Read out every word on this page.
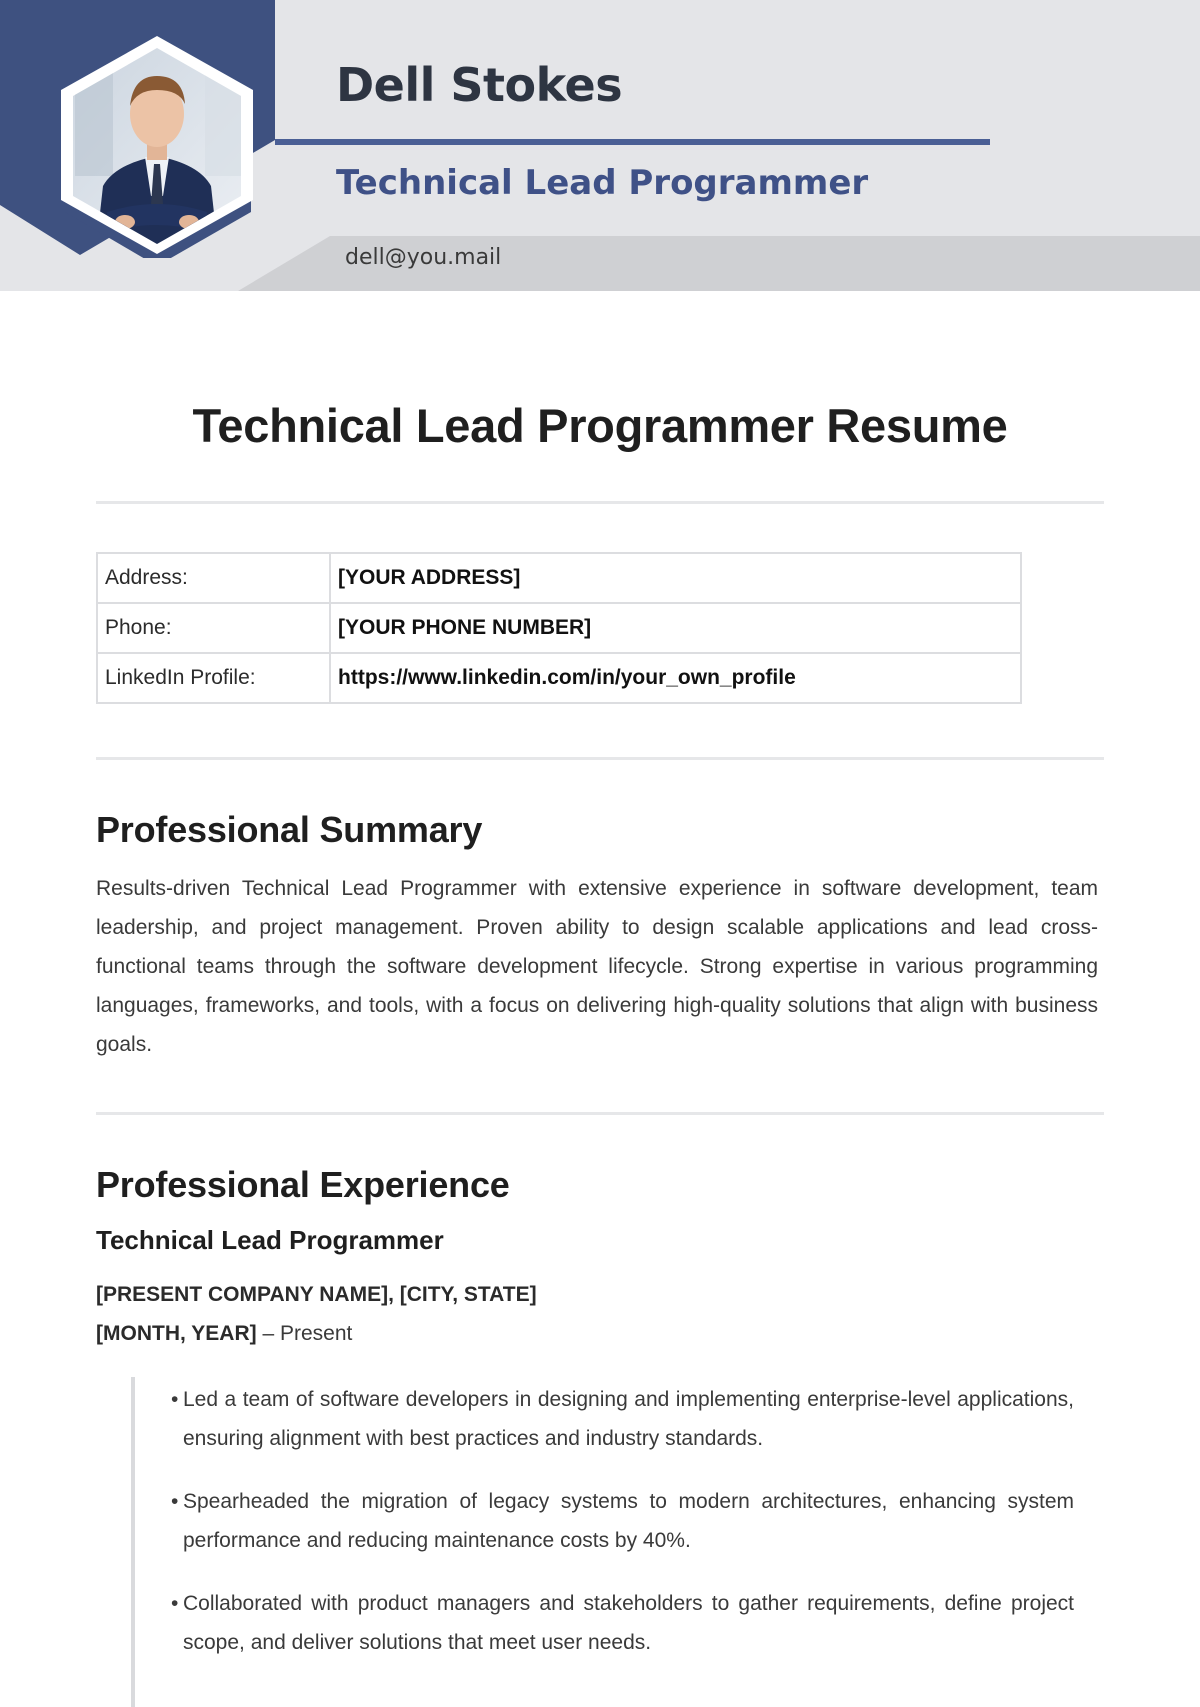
Dell Stokes
Technical Lead Programmer
dell@you.mail
Technical Lead Programmer Resume
Address:	[YOUR ADDRESS]
Phone:	[YOUR PHONE NUMBER]
LinkedIn Profile:	https://www.linkedin.com/in/your_own_profile
Professional Summary

Results-driven Technical Lead Programmer with extensive experience in software development, team leadership, and project management. Proven ability to design scalable applications and lead cross-functional teams through the software development lifecycle. Strong expertise in various programming languages, frameworks, and tools, with a focus on delivering high-quality solutions that align with business goals.

Professional Experience
Technical Lead Programmer

[PRESENT COMPANY NAME], [CITY, STATE]

[MONTH, YEAR] – Present

• Led a team of software developers in designing and implementing enterprise-level applications, ensuring alignment with best practices and industry standards.
• Spearheaded the migration of legacy systems to modern architectures, enhancing system performance and reducing maintenance costs by 40%.
• Collaborated with product managers and stakeholders to gather requirements, define project scope, and deliver solutions that meet user needs.
